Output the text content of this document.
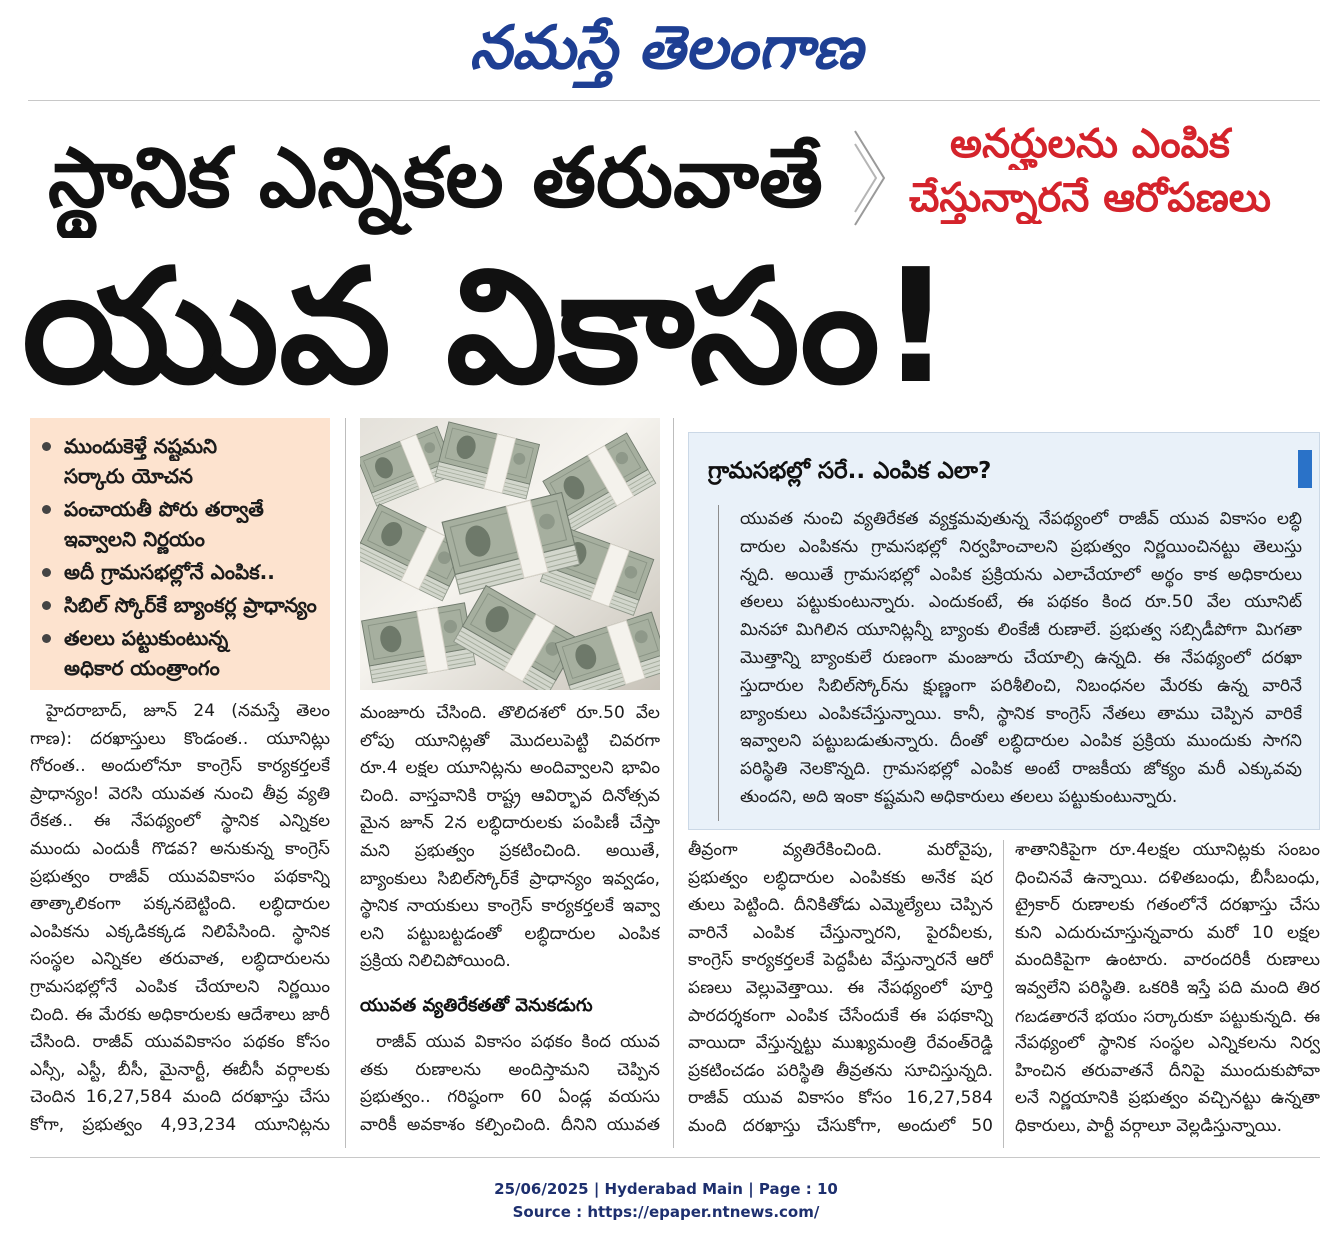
నమస్తే తెలంగాణ
స్థానిక ఎన్నికల తరువాతే	అనర్హులను ఎంపిక
చేస్తున్నారనే ఆరోపణలు
యువ వికాసం!
ముందుకెళ్తే నష్టమని
సర్కారు యోచన
పంచాయతీ పోరు తర్వాతే
ఇవ్వాలని నిర్ణయం
అదీ గ్రామసభల్లోనే ఎంపిక..
సిబిల్ స్కోర్‌కే బ్యాంకర్ల ప్రాధాన్యం
తలలు పట్టుకుంటున్న
అధికార యంత్రాంగం
గ్రామసభల్లో సరే.. ఎంపిక ఎలా?
యువత నుంచి వ్యతిరేకత వ్యక్తమవుతున్న నేపథ్యంలో రాజీవ్ యువ వికాసం లబ్ధి
దారుల ఎంపికను గ్రామసభల్లో నిర్వహించాలని ప్రభుత్వం నిర్ణయించినట్టు తెలుస్తు
న్నది. అయితే గ్రామసభల్లో ఎంపిక ప్రక్రియను ఎలాచేయాలో అర్థం కాక అధికారులు
తలలు పట్టుకుంటున్నారు. ఎందుకంటే, ఈ పథకం కింద రూ.50 వేల యూనిట్
మినహా మిగిలిన యూనిట్లన్నీ బ్యాంకు లింకేజీ రుణాలే. ప్రభుత్వ సబ్సిడీపోగా మిగతా
మొత్తాన్ని బ్యాంకులే రుణంగా మంజూరు చేయాల్సి ఉన్నది. ఈ నేపథ్యంలో దరఖా
స్తుదారుల సిబిల్‌స్కోర్‌ను క్షుణ్ణంగా పరిశీలించి, నిబంధనల మేరకు ఉన్న వారినే
బ్యాంకులు ఎంపికచేస్తున్నాయి. కానీ, స్థానిక కాంగ్రెస్ నేతలు తాము చెప్పిన వారికే
ఇవ్వాలని పట్టుబడుతున్నారు. దీంతో లబ్ధిదారుల ఎంపిక ప్రక్రియ ముందుకు సాగని
పరిస్థితి నెలకొన్నది. గ్రామసభల్లో ఎంపిక అంటే రాజకీయ జోక్యం మరీ ఎక్కువవు
తుందని, అది ఇంకా కష్టమని అధికారులు తలలు పట్టుకుంటున్నారు.
హైదరాబాద్, జూన్ 24 (నమస్తే తెలం
గాణ): దరఖాస్తులు కొండంత.. యూనిట్లు
గోరంత.. అందులోనూ కాంగ్రెస్ కార్యకర్తలకే
ప్రాధాన్యం! వెరసి యువత నుంచి తీవ్ర వ్యతి
రేకత.. ఈ నేపథ్యంలో స్థానిక ఎన్నికల
ముందు ఎందుకీ గొడవ? అనుకున్న కాంగ్రెస్
ప్రభుత్వం రాజీవ్ యువవికాసం పథకాన్ని
తాత్కాలికంగా పక్కనబెట్టింది. లబ్ధిదారుల
ఎంపికను ఎక్కడికక్కడ నిలిపేసింది. స్థానిక
సంస్థల ఎన్నికల తరువాత, లబ్ధిదారులను
గ్రామసభల్లోనే ఎంపిక చేయాలని నిర్ణయిం
చింది. ఈ మేరకు అధికారులకు ఆదేశాలు జారీ
చేసింది. రాజీవ్ యువవికాసం పథకం కోసం
ఎస్సీ, ఎస్టీ, బీసీ, మైనార్టీ, ఈబీసీ వర్గాలకు
చెందిన 16,27,584 మంది దరఖాస్తు చేసు
కోగా, ప్రభుత్వం 4,93,234 యూనిట్లను
మంజూరు చేసింది. తొలిదశలో రూ.50 వేల
లోపు యూనిట్లతో మొదలుపెట్టి చివరగా
రూ.4 లక్షల యూనిట్లను అందివ్వాలని భావిం
చింది. వాస్తవానికి రాష్ట్ర ఆవిర్భావ దినోత్సవ
మైన జూన్ 2న లబ్ధిదారులకు పంపిణీ చేస్తా
మని ప్రభుత్వం ప్రకటించింది. అయితే,
బ్యాంకులు సిబిల్‌స్కోర్‌కే ప్రాధాన్యం ఇవ్వడం,
స్థానిక నాయకులు కాంగ్రెస్ కార్యకర్తలకే ఇవ్వా
లని పట్టుబట్టడంతో లబ్ధిదారుల ఎంపిక
ప్రక్రియ నిలిచిపోయింది.
యువత వ్యతిరేకతతో వెనుకడుగు
రాజీవ్ యువ వికాసం పథకం కింద యువ
తకు రుణాలను అందిస్తామని చెప్పిన
ప్రభుత్వం.. గరిష్ఠంగా 60 ఏండ్ల వయసు
వారికీ అవకాశం కల్పించింది. దీనిని యువత
తీవ్రంగా వ్యతిరేకించింది. మరోవైపు,
ప్రభుత్వం లబ్ధిదారుల ఎంపికకు అనేక షర
తులు పెట్టింది. దీనికితోడు ఎమ్మెల్యేలు చెప్పిన
వారినే ఎంపిక చేస్తున్నారని, పైరవీలకు,
కాంగ్రెస్ కార్యకర్తలకే పెద్దపీట వేస్తున్నారనే ఆరో
పణలు వెల్లువెత్తాయి. ఈ నేపథ్యంలో పూర్తి
పారదర్శకంగా ఎంపిక చేసేందుకే ఈ పథకాన్ని
వాయిదా వేస్తున్నట్టు ముఖ్యమంత్రి రేవంత్‌రెడ్డి
ప్రకటించడం పరిస్థితి తీవ్రతను సూచిస్తున్నది.
రాజీవ్ యువ వికాసం కోసం 16,27,584
మంది దరఖాస్తు చేసుకోగా, అందులో 50
శాతానికిపైగా రూ.4లక్షల యూనిట్లకు సంబం
ధించినవే ఉన్నాయి. దళితబంధు, బీసీబంధు,
ట్రైకార్ రుణాలకు గతంలోనే దరఖాస్తు చేసు
కుని ఎదురుచూస్తున్నవారు మరో 10 లక్షల
మందికిపైగా ఉంటారు. వారందరికీ రుణాలు
ఇవ్వలేని పరిస్థితి. ఒకరికి ఇస్తే పది మంది తిర
గబడతారనే భయం సర్కారుకూ పట్టుకున్నది. ఈ
నేపథ్యంలో స్థానిక సంస్థల ఎన్నికలను నిర్వ
హించిన తరువాతనే దీనిపై ముందుకుపోవా
లనే నిర్ణయానికి ప్రభుత్వం వచ్చినట్టు ఉన్నతా
ధికారులు, పార్టీ వర్గాలూ వెల్లడిస్తున్నాయి.
25/06/2025 | Hyderabad Main | Page : 10
Source : https://epaper.ntnews.com/
